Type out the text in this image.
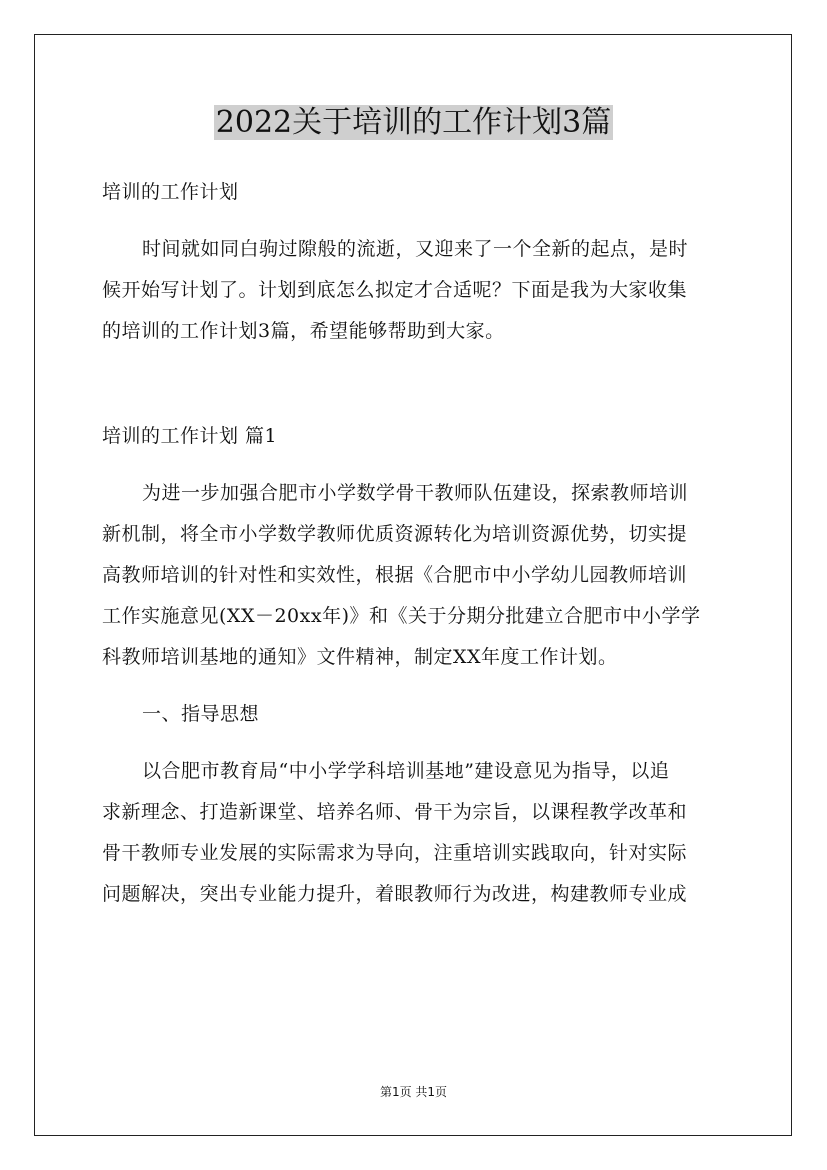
2022关于培训的工作计划3篇

培训的工作计划

时间就如同白驹过隙般的流逝，又迎来了一个全新的起点，是时

候开始写计划了。计划到底怎么拟定才合适呢？下面是我为大家收集

的培训的工作计划3篇，希望能够帮助到大家。

培训的工作计划 篇1

为进一步加强合肥市小学数学骨干教师队伍建设，探索教师培训

新机制，将全市小学数学教师优质资源转化为培训资源优势，切实提

高教师培训的针对性和实效性，根据《合肥市中小学幼儿园教师培训

工作实施意见(XX－20xx年)》和《关于分期分批建立合肥市中小学学

科教师培训基地的通知》文件精神，制定XX年度工作计划。

一、指导思想

以合肥市教育局“中小学学科培训基地”建设意见为指导，以追

求新理念、打造新课堂、培养名师、骨干为宗旨，以课程教学改革和

骨干教师专业发展的实际需求为导向，注重培训实践取向，针对实际

问题解决，突出专业能力提升，着眼教师行为改进，构建教师专业成

第1页 共1页
